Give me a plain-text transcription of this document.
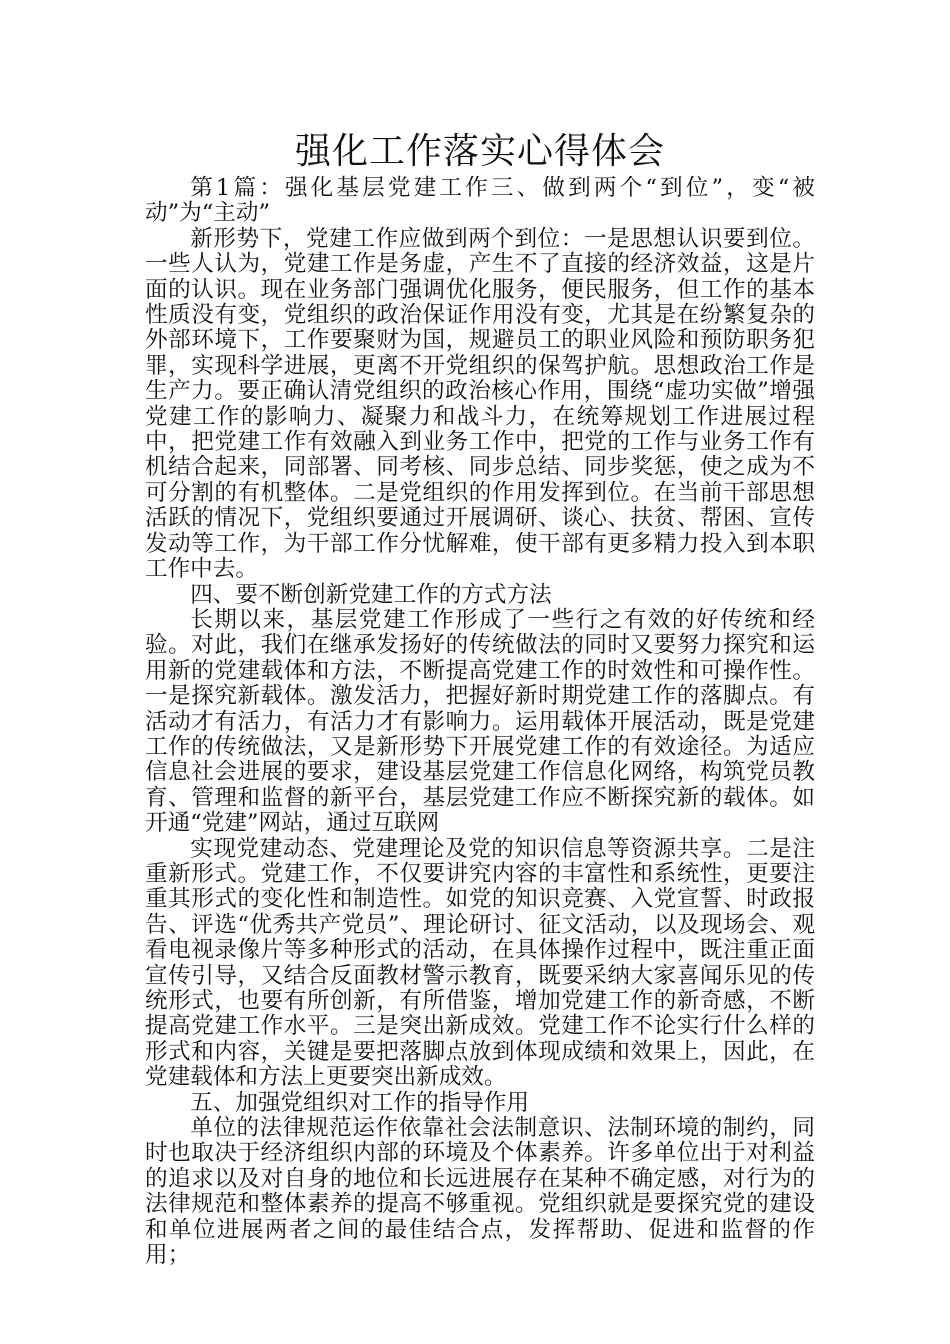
强化工作落实心得体会

第1篇：强化基层党建工作三、做到两个“到位”，变“被动”为“主动”

新形势下，党建工作应做到两个到位：一是思想认识要到位。一些人认为，党建工作是务虚，产生不了直接的经济效益，这是片面的认识。现在业务部门强调优化服务，便民服务，但工作的基本性质没有变，党组织的政治保证作用没有变，尤其是在纷繁复杂的外部环境下，工作要聚财为国，规避员工的职业风险和预防职务犯罪，实现科学进展，更离不开党组织的保驾护航。思想政治工作是生产力。要正确认清党组织的政治核心作用，围绕“虚功实做”增强党建工作的影响力、凝聚力和战斗力，在统筹规划工作进展过程中，把党建工作有效融入到业务工作中，把党的工作与业务工作有机结合起来，同部署、同考核、同步总结、同步奖惩，使之成为不可分割的有机整体。二是党组织的作用发挥到位。在当前干部思想活跃的情况下，党组织要通过开展调研、谈心、扶贫、帮困、宣传发动等工作，为干部工作分忧解难，使干部有更多精力投入到本职工作中去。

四、要不断创新党建工作的方式方法

长期以来，基层党建工作形成了一些行之有效的好传统和经验。对此，我们在继承发扬好的传统做法的同时又要努力探究和运用新的党建载体和方法，不断提高党建工作的时效性和可操作性。一是探究新载体。激发活力，把握好新时期党建工作的落脚点。有活动才有活力，有活力才有影响力。运用载体开展活动，既是党建工作的传统做法，又是新形势下开展党建工作的有效途径。为适应信息社会进展的要求，建设基层党建工作信息化网络，构筑党员教育、管理和监督的新平台，基层党建工作应不断探究新的载体。如开通“党建”网站，通过互联网

实现党建动态、党建理论及党的知识信息等资源共享。二是注重新形式。党建工作，不仅要讲究内容的丰富性和系统性，更要注重其形式的变化性和制造性。如党的知识竞赛、入党宣誓、时政报告、评选“优秀共产党员”、理论研讨、征文活动，以及现场会、观看电视录像片等多种形式的活动，在具体操作过程中，既注重正面宣传引导，又结合反面教材警示教育，既要采纳大家喜闻乐见的传统形式，也要有所创新，有所借鉴，增加党建工作的新奇感，不断提高党建工作水平。三是突出新成效。党建工作不论实行什么样的形式和内容，关键是要把落脚点放到体现成绩和效果上，因此，在党建载体和方法上更要突出新成效。

五、加强党组织对工作的指导作用

单位的法律规范运作依靠社会法制意识、法制环境的制约，同时也取决于经济组织内部的环境及个体素养。许多单位出于对利益的追求以及对自身的地位和长远进展存在某种不确定感，对行为的法律规范和整体素养的提高不够重视。党组织就是要探究党的建设和单位进展两者之间的最佳结合点，发挥帮助、促进和监督的作用；
